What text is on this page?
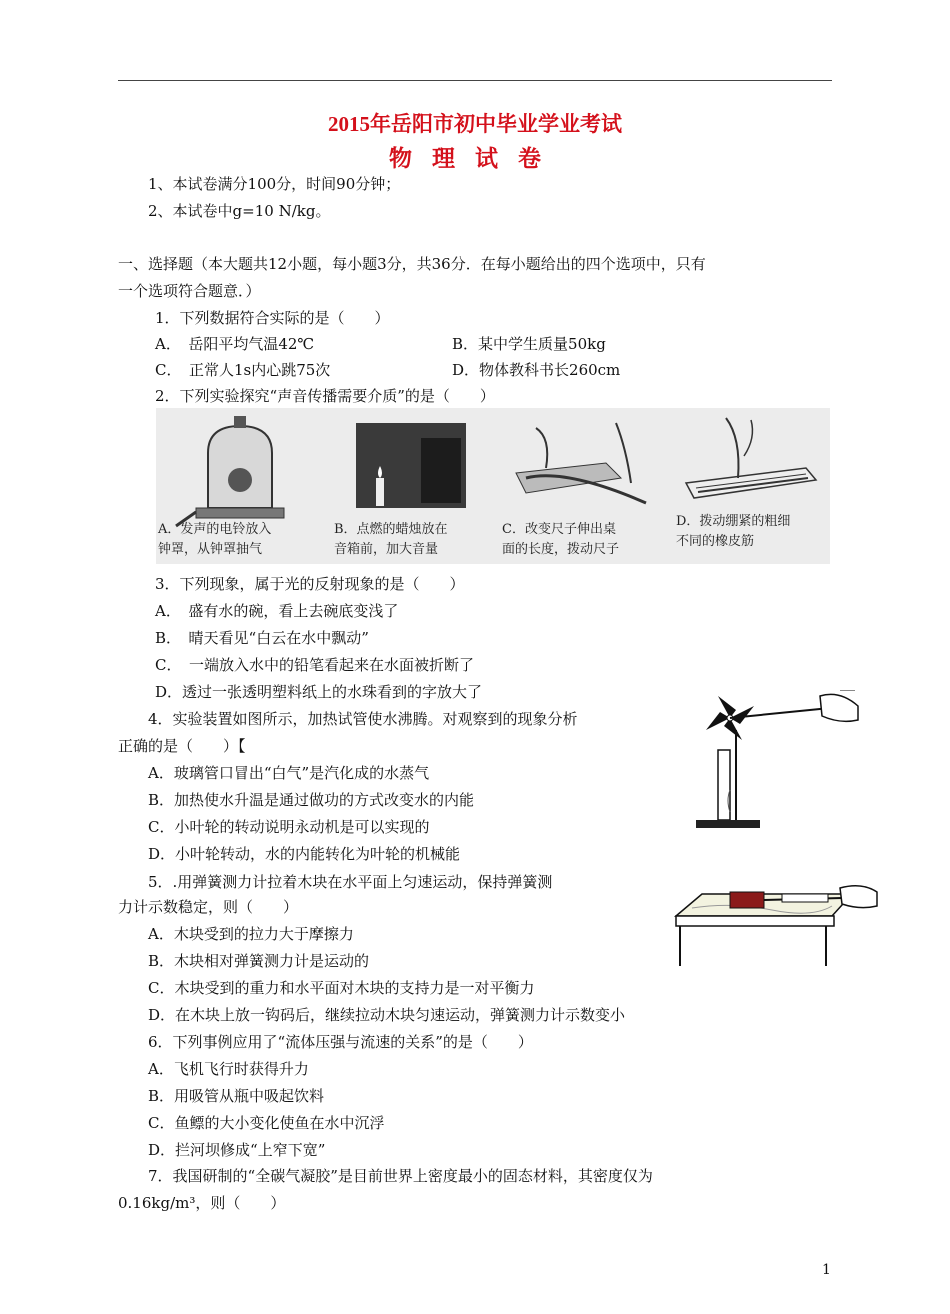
2015年岳阳市初中毕业学业考试
物理试卷
1、本试卷满分100分，时间90分钟；
2、本试卷中g=10 N/kg。
一、选择题（本大题共12小题，每小题3分，共36分．在每小题给出的四个选项中，只有
一个选项符合题意．）
1．下列数据符合实际的是（　　）
A．　岳阳平均气温42℃	B．某中学生质量50kg
C．　正常人1s内心跳75次	D．物体教科书长260cm
2．下列实验探究“声音传播需要介质”的是（　　）
A．发声的电铃放入
钟罩，从钟罩抽气
B．点燃的蜡烛放在
音箱前，加大音量
C．改变尺子伸出桌
面的长度，拨动尺子
D．拨动绷紧的粗细
不同的橡皮筋
3．下列现象，属于光的反射现象的是（　　）
A．　盛有水的碗，看上去碗底变浅了
B．　晴天看见“白云在水中飘动”
C．　一端放入水中的铅笔看起来在水面被折断了
D．透过一张透明塑料纸上的水珠看到的字放大了
4．实验装置如图所示，加热试管使水沸腾。对观察到的现象分析
正确的是（　　）【
A．玻璃管口冒出“白气”是汽化成的水蒸气
B．加热使水升温是通过做功的方式改变水的内能
C．小叶轮的转动说明永动机是可以实现的
D．小叶轮转动，水的内能转化为叶轮的机械能
5．.用弹簧测力计拉着木块在水平面上匀速运动，保持弹簧测
力计示数稳定，则（　　）
A．木块受到的拉力大于摩擦力
B．木块相对弹簧测力计是运动的
C．木块受到的重力和水平面对木块的支持力是一对平衡力
D．在木块上放一钩码后，继续拉动木块匀速运动，弹簧测力计示数变小
6．下列事例应用了“流体压强与流速的关系”的是（　　）
A．飞机飞行时获得升力
B．用吸管从瓶中吸起饮料
C．鱼鳔的大小变化使鱼在水中沉浮
D．拦河坝修成“上窄下宽”
7．我国研制的“全碳气凝胶”是目前世界上密度最小的固态材料，其密度仅为
0.16kg/m³，则（　　）
1
